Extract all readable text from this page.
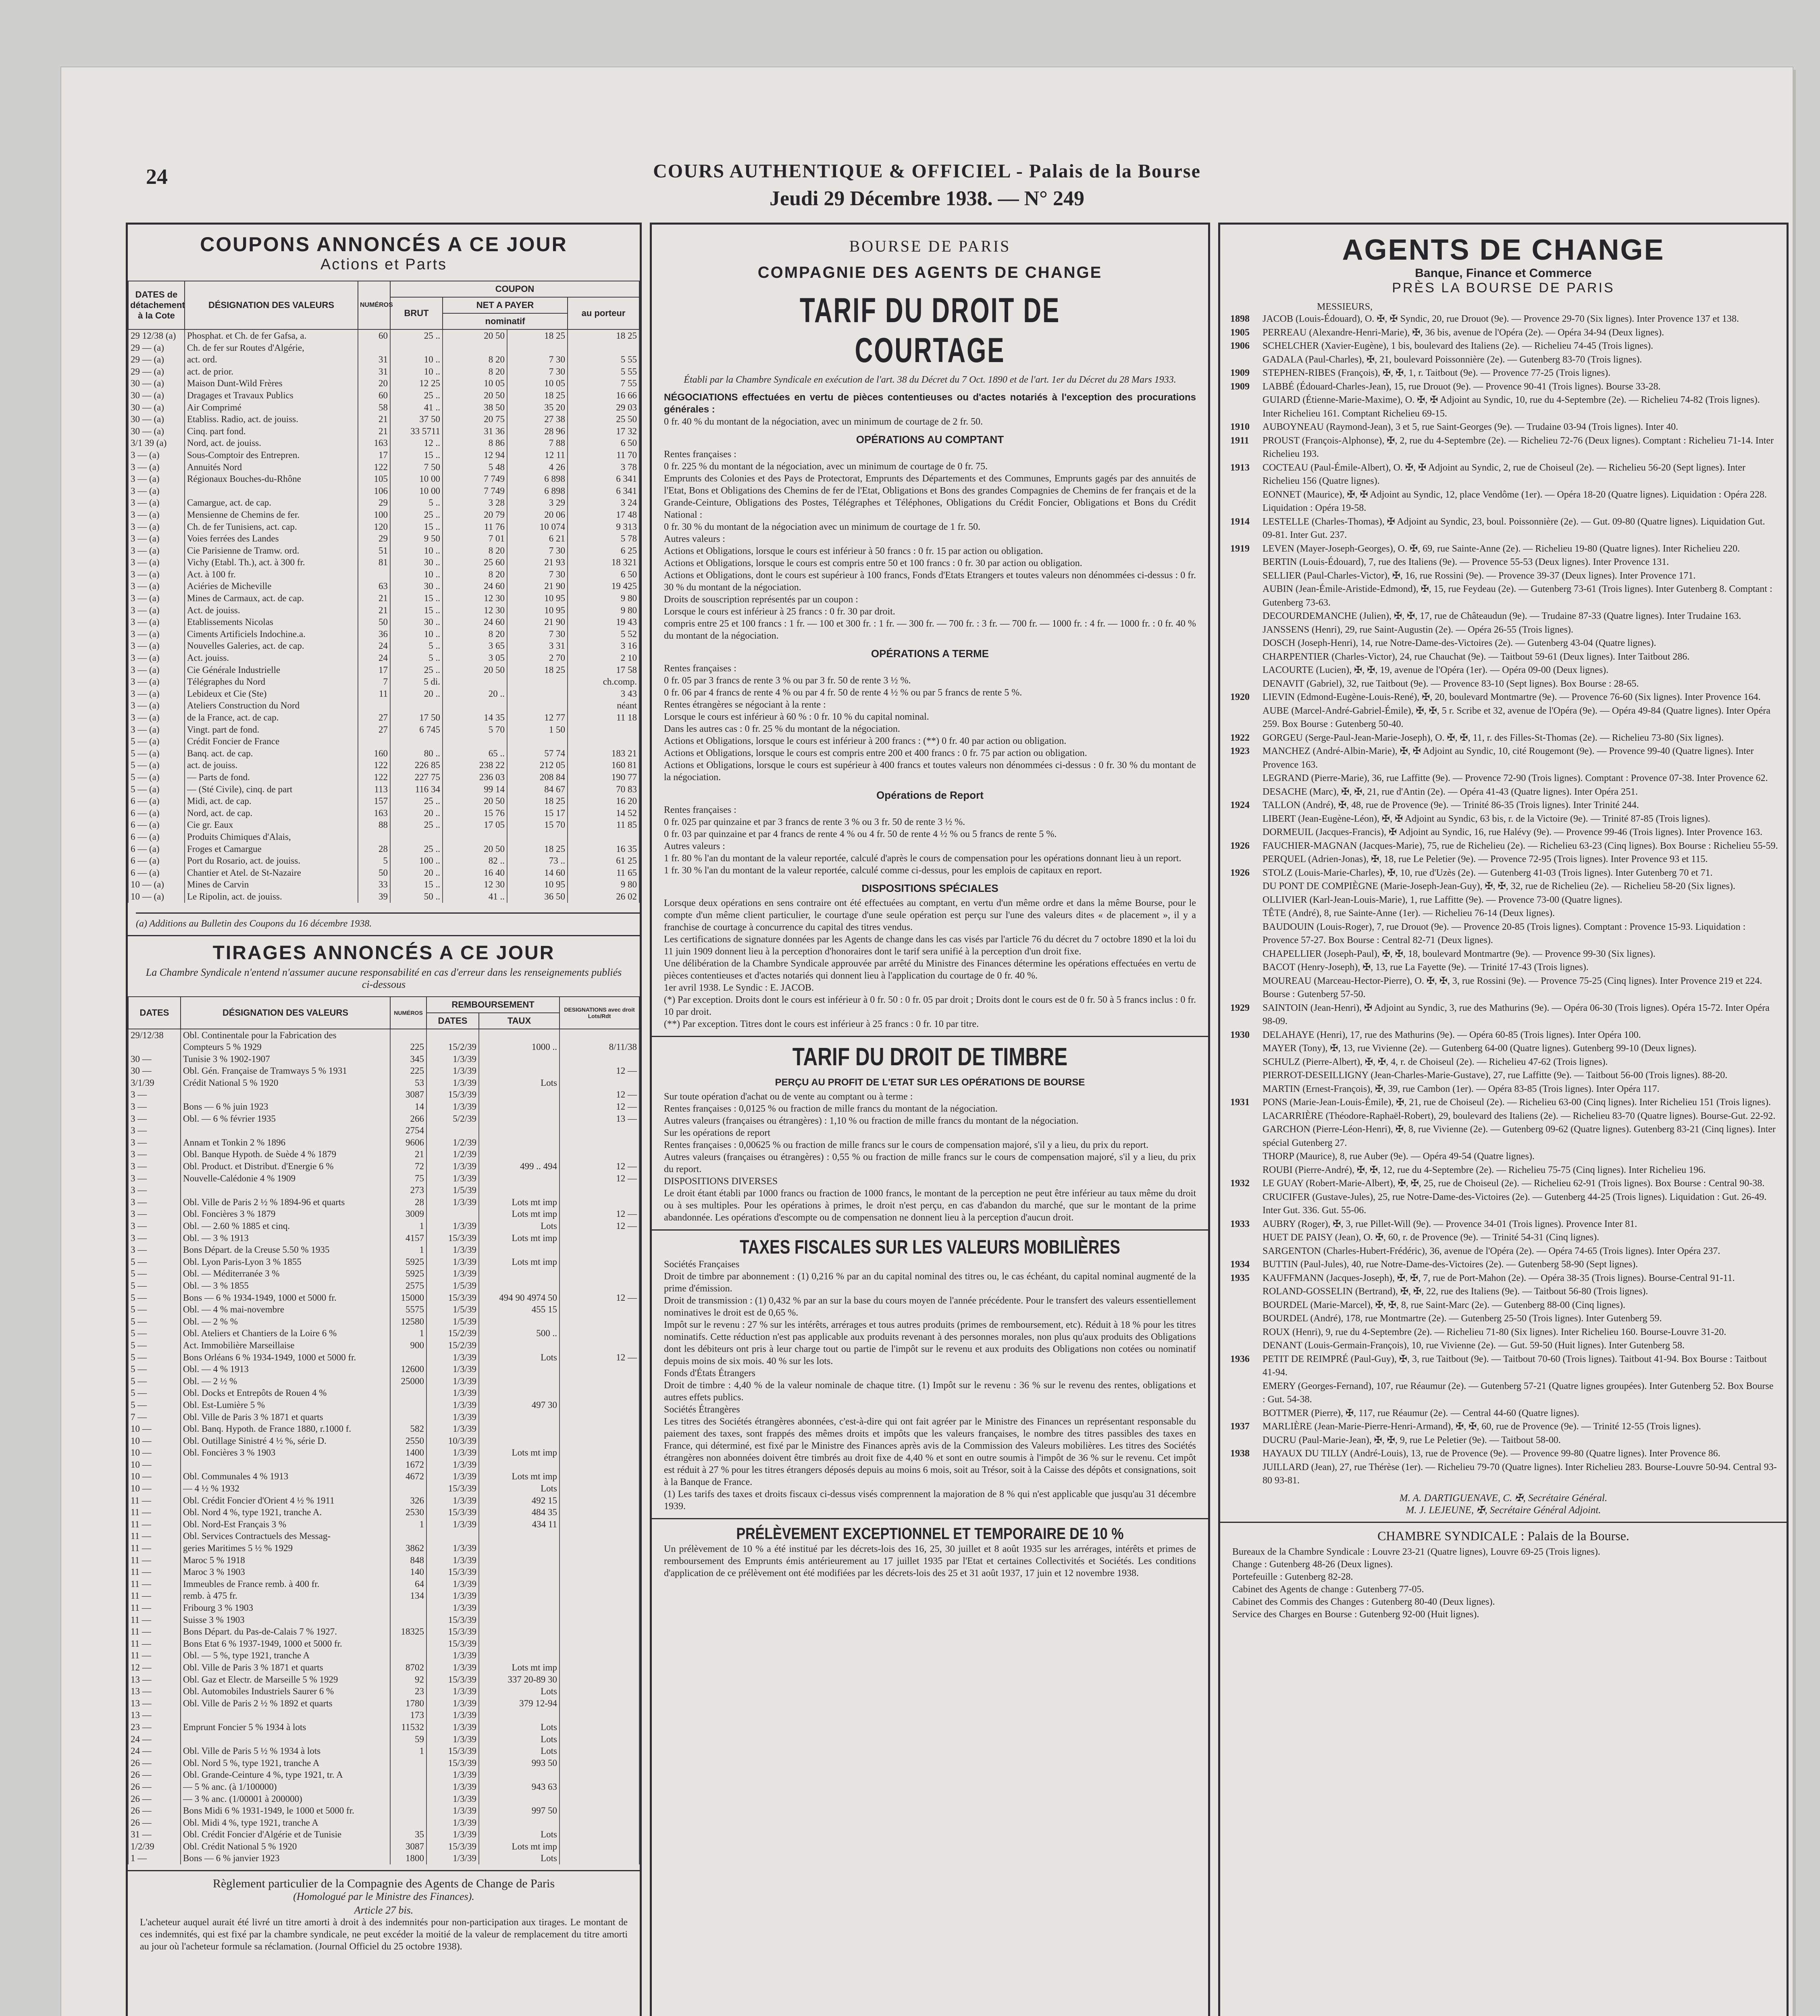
24	COURS AUTHENTIQUE & OFFICIEL - Palais de la Bourse
Jeudi 29 Décembre 1938. — N° 249
COUPONS ANNONCÉS A CE JOUR
Actions et Parts
DATES de détachement à la Cote	DÉSIGNATION DES VALEURS	NUMÉROS	COUPON			
			BRUT	NET A PAYER		au porteur
				nominatif		
29 12/38 (a)	Phosphat. et Ch. de fer Gafsa, a.	60	25 ..	20 50	18 25	18 25
29 — (a)	Ch. de fer sur Routes d'Algérie,					
29 — (a)	act. ord.	31	10 ..	8 20	7 30	5 55
29 — (a)	act. de prior.	31	10 ..	8 20	7 30	5 55
30 — (a)	Maison Dunt-Wild Frères	20	12 25	10 05	10 05	7 55
30 — (a)	Dragages et Travaux Publics	60	25 ..	20 50	18 25	16 66
30 — (a)	Air Comprimé	58	41 ..	38 50	35 20	29 03
30 — (a)	Etabliss. Radio, act. de jouiss.	21	37 50	20 75	27 38	25 50
30 — (a)	Cinq. part fond.	21	33 5711	31 36	28 96	17 32
3/1 39 (a)	Nord, act. de jouiss.	163	12 ..	8 86	7 88	6 50
3 — (a)	Sous-Comptoir des Entrepren.	17	15 ..	12 94	12 11	11 70
3 — (a)	Annuités Nord	122	7 50	5 48	4 26	3 78
3 — (a)	Régionaux Bouches-du-Rhône	105	10 00	7 749	6 898	6 341
3 — (a)		106	10 00	7 749	6 898	6 341
3 — (a)	Camargue, act. de cap.	29	5 ..	3 28	3 29	3 24
3 — (a)	Mensienne de Chemins de fer.	100	25 ..	20 79	20 06	17 48
3 — (a)	Ch. de fer Tunisiens, act. cap.	120	15 ..	11 76	10 074	9 313
3 — (a)	Voies ferrées des Landes	29	9 50	7 01	6 21	5 78
3 — (a)	Cie Parisienne de Tramw. ord.	51	10 ..	8 20	7 30	6 25
3 — (a)	Vichy (Etabl. Th.), act. à 300 fr.	81	30 ..	25 60	21 93	18 321
3 — (a)	Act. à 100 fr.		10 ..	8 20	7 30	6 50
3 — (a)	Aciéries de Micheville	63	30 ..	24 60	21 90	19 425
3 — (a)	Mines de Carmaux, act. de cap.	21	15 ..	12 30	10 95	9 80
3 — (a)	Act. de jouiss.	21	15 ..	12 30	10 95	9 80
3 — (a)	Etablissements Nicolas	50	30 ..	24 60	21 90	19 43
3 — (a)	Ciments Artificiels Indochine.a.	36	10 ..	8 20	7 30	5 52
3 — (a)	Nouvelles Galeries, act. de cap.	24	5 ..	3 65	3 31	3 16
3 — (a)	Act. jouiss.	24	5 ..	3 05	2 70	2 10
3 — (a)	Cie Générale Industrielle	17	25 ..	20 50	18 25	17 58
3 — (a)	Télégraphes du Nord	7	5 di.			ch.comp.
3 — (a)	Lebideux et Cie (Ste)	11	20 ..	20 ..		3 43
3 — (a)	Ateliers Construction du Nord					néant
3 — (a)	de la France, act. de cap.	27	17 50	14 35	12 77	11 18
3 — (a)	Vingt. part de fond.	27	6 745	5 70	1 50	
5 — (a)	Crédit Foncier de France					
5 — (a)	Banq. act. de cap.	160	80 ..	65 ..	57 74	183 21
5 — (a)	act. de jouiss.	122	226 85	238 22	212 05	160 81
5 — (a)	— Parts de fond.	122	227 75	236 03	208 84	190 77
5 — (a)	— (Sté Civile), cinq. de part	113	116 34	99 14	84 67	70 83
6 — (a)	Midi, act. de cap.	157	25 ..	20 50	18 25	16 20
6 — (a)	Nord, act. de cap.	163	20 ..	15 76	15 17	14 52
6 — (a)	Cie gr. Eaux	88	25 ..	17 05	15 70	11 85
6 — (a)	Produits Chimiques d'Alais,					
6 — (a)	Froges et Camargue	28	25 ..	20 50	18 25	16 35
6 — (a)	Port du Rosario, act. de jouiss.	5	100 ..	82 ..	73 ..	61 25
6 — (a)	Chantier et Atel. de St-Nazaire	50	20 ..	16 40	14 60	11 65
10 — (a)	Mines de Carvin	33	15 ..	12 30	10 95	9 80
10 — (a)	Le Ripolin, act. de jouiss.	39	50 ..	41 ..	36 50	26 02
(a) Additions au Bulletin des Coupons du 16 décembre 1938.
TIRAGES ANNONCÉS A CE JOUR
La Chambre Syndicale n'entend n'assumer aucune responsabilité en cas d'erreur dans les renseignements publiés ci-dessous
DATES	DÉSIGNATION DES VALEURS	NUMÉROS	REMBOURSEMENT		DESIGNATIONS avec droit Lots/Rdt
			DATES	TAUX	
29/12/38	Obl. Continentale pour la Fabrication des				
	Compteurs 5 % 1929	225	15/2/39	1000 ..	8/11/38
30 —	Tunisie 3 % 1902-1907	345	1/3/39		
30 —	Obl. Gén. Française de Tramways 5 % 1931	225	1/3/39		12 —
3/1/39	Crédit National 5 % 1920	53	1/3/39	Lots	
3 —		3087	15/3/39		12 —
3 —	Bons — 6 % juin 1923	14	1/3/39		12 —
3 —	Obl. — 6 % février 1935	266	5/2/39		13 —
3 —		2754			
3 —	Annam et Tonkin 2 % 1896	9606	1/2/39		
3 —	Obl. Banque Hypoth. de Suède 4 % 1879	21	1/2/39		
3 —	Obl. Product. et Distribut. d'Energie 6 %	72	1/3/39	499 .. 494	12 —
3 —	Nouvelle-Calédonie 4 % 1909	75	1/3/39		12 —
3 —		273	1/5/39		
3 —	Obl. Ville de Paris 2 ½ % 1894-96 et quarts	28	1/3/39	Lots mt imp	
3 —	Obl. Foncières 3 % 1879	3009		Lots mt imp	12 —
3 —	Obl. — 2.60 % 1885 et cinq.	1	1/3/39	Lots	12 —
3 —	Obl. — 3 % 1913	4157	15/3/39	Lots mt imp	
3 —	Bons Départ. de la Creuse 5.50 % 1935	1	1/3/39		
5 —	Obl. Lyon Paris-Lyon 3 % 1855	5925	1/3/39	Lots mt imp	
5 —	Obl. — Méditerranée 3 %	5925	1/3/39		
5 —	Obl. — 3 % 1855	2575	1/5/39		
5 —	Bons — 6 % 1934-1949, 1000 et 5000 fr.	15000	15/3/39	494 90 4974 50	12 —
5 —	Obl. — 4 % mai-novembre	5575	1/5/39	455 15	
5 —	Obl. — 2 % %	12580	1/5/39		
5 —	Obl. Ateliers et Chantiers de la Loire 6 %	1	15/2/39	500 ..	
5 —	Act. Immobilière Marseillaise	900	15/2/39		
5 —	Bons Orléans 6 % 1934-1949, 1000 et 5000 fr.		1/3/39	Lots	12 —
5 —	Obl. — 4 % 1913	12600	1/3/39		
5 —	Obl. — 2 ½ %	25000	1/3/39		
5 —	Obl. Docks et Entrepôts de Rouen 4 %		1/3/39		
5 —	Obl. Est-Lumière 5 %		1/3/39	497 30	
7 —	Obl. Ville de Paris 3 % 1871 et quarts		1/3/39		
10 —	Obl. Banq. Hypoth. de France 1880, r.1000 f.	582	1/3/39		
10 —	Obl. Outillage Sinistré 4 ½ %, série D.	2550	10/3/39		
10 —	Obl. Foncières 3 % 1903	1400	1/3/39	Lots mt imp	
10 —		1672	1/3/39		
10 —	Obl. Communales 4 % 1913	4672	1/3/39	Lots mt imp	
10 —	— 4 ½ % 1932		15/3/39	Lots	
11 —	Obl. Crédit Foncier d'Orient 4 ½ % 1911	326	1/3/39	492 15	
11 —	Obl. Nord 4 %, type 1921, tranche A.	2530	15/3/39	484 35	
11 —	Obl. Nord-Est Français 3 %	1	1/3/39	434 11	
11 —	Obl. Services Contractuels des Messag-				
11 —	geries Maritimes 5 ½ % 1929	3862	1/3/39		
11 —	Maroc 5 % 1918	848	1/3/39		
11 —	Maroc 3 % 1903	140	15/3/39		
11 —	Immeubles de France remb. à 400 fr.	64	1/3/39		
11 —	remb. à 475 fr.	134	1/3/39		
11 —	Fribourg 3 % 1903		1/3/39		
11 —	Suisse 3 % 1903		15/3/39		
11 —	Bons Départ. du Pas-de-Calais 7 % 1927.	18325	15/3/39		
11 —	Bons Etat 6 % 1937-1949, 1000 et 5000 fr.		15/3/39		
11 —	Obl. — 5 %, type 1921, tranche A		1/3/39		
12 —	Obl. Ville de Paris 3 % 1871 et quarts	8702	1/3/39	Lots mt imp	
13 —	Obl. Gaz et Electr. de Marseille 5 % 1929	92	15/3/39	337 20-89 30	
13 —	Obl. Automobiles Industriels Saurer 6 %	23	1/3/39	Lots	
13 —	Obl. Ville de Paris 2 ½ % 1892 et quarts	1780	1/3/39	379 12-94	
13 —		173	1/3/39		
23 —	Emprunt Foncier 5 % 1934 à lots	11532	1/3/39	Lots	
24 —		59	1/3/39	Lots	
24 —	Obl. Ville de Paris 5 ½ % 1934 à lots	1	15/3/39	Lots	
26 —	Obl. Nord 5 %, type 1921, tranche A		15/3/39	993 50	
26 —	Obl. Grande-Ceinture 4 %, type 1921, tr. A		1/3/39		
26 —	— 5 % anc. (à 1/100000)		1/3/39	943 63	
26 —	— 3 % anc. (1/00001 à 200000)		1/3/39		
26 —	Bons Midi 6 % 1931-1949, le 1000 et 5000 fr.		1/3/39	997 50	
26 —	Obl. Midi 4 %, type 1921, tranche A		1/3/39		
31 —	Obl. Crédit Foncier d'Algérie et de Tunisie	35	1/3/39	Lots	
1/2/39	Obl. Crédit National 5 % 1920	3087	15/3/39	Lots mt imp	
1 —	Bons — 6 % janvier 1923	1800	1/3/39	Lots	
Règlement particulier de la Compagnie des Agents de Change de Paris
(Homologué par le Ministre des Finances).
Article 27 bis.
L'acheteur auquel aurait été livré un titre amorti à droit à des indemnités pour non-participation aux tirages. Le montant de ces indemnités, qui est fixé par la chambre syndicale, ne peut excéder la moitié de la valeur de remplacement du titre amorti au jour où l'acheteur formule sa réclamation. (Journal Officiel du 25 octobre 1938).
BOURSE DE PARIS
COMPAGNIE DES AGENTS DE CHANGE
TARIF DU DROIT DE COURTAGE
Établi par la Chambre Syndicale en exécution de l'art. 38 du Décret du 7 Oct. 1890 et de l'art. 1er du Décret du 28 Mars 1933.
NÉGOCIATIONS effectuées en vertu de pièces contentieuses ou d'actes notariés à l'exception des procurations générales :
0 fr. 40 % du montant de la négociation, avec un minimum de courtage de 2 fr. 50.
OPÉRATIONS AU COMPTANT
Rentes françaises :
0 fr. 225 % du montant de la négociation, avec un minimum de courtage de 0 fr. 75.
Emprunts des Colonies et des Pays de Protectorat, Emprunts des Départements et des Communes, Emprunts gagés par des annuités de l'Etat, Bons et Obligations des Chemins de fer de l'Etat, Obligations et Bons des grandes Compagnies de Chemins de fer français et de la Grande-Ceinture, Obligations des Postes, Télégraphes et Téléphones, Obligations du Crédit Foncier, Obligations et Bons du Crédit National :
0 fr. 30 % du montant de la négociation avec un minimum de courtage de 1 fr. 50.
Autres valeurs :
Actions et Obligations, lorsque le cours est inférieur à 50 francs : 0 fr. 15 par action ou obligation.
Actions et Obligations, lorsque le cours est compris entre 50 et 100 francs : 0 fr. 30 par action ou obligation.
Actions et Obligations, dont le cours est supérieur à 100 francs, Fonds d'Etats Etrangers et toutes valeurs non dénommées ci-dessus : 0 fr. 30 % du montant de la négociation.
Droits de souscription représentés par un coupon :
Lorsque le cours est inférieur à 25 francs : 0 fr. 30 par droit.
compris entre 25 et 100 francs : 1 fr. — 100 et 300 fr. : 1 fr. — 300 fr. — 700 fr. : 3 fr. — 700 fr. — 1000 fr. : 4 fr. — 1000 fr. : 0 fr. 40 % du montant de la négociation.
OPÉRATIONS A TERME
Rentes françaises :
0 fr. 05 par 3 francs de rente 3 % ou par 3 fr. 50 de rente 3 ½ %.
0 fr. 06 par 4 francs de rente 4 % ou par 4 fr. 50 de rente 4 ½ % ou par 5 francs de rente 5 %.
Rentes étrangères se négociant à la rente :
Lorsque le cours est inférieur à 60 % : 0 fr. 10 % du capital nominal.
Dans les autres cas : 0 fr. 25 % du montant de la négociation.
Actions et Obligations, lorsque le cours est inférieur à 200 francs : (**) 0 fr. 40 par action ou obligation.
Actions et Obligations, lorsque le cours est compris entre 200 et 400 francs : 0 fr. 75 par action ou obligation.
Actions et Obligations, lorsque le cours est supérieur à 400 francs et toutes valeurs non dénommées ci-dessus : 0 fr. 30 % du montant de la négociation.
Opérations de Report
Rentes françaises :
0 fr. 025 par quinzaine et par 3 francs de rente 3 % ou 3 fr. 50 de rente 3 ½ %.
0 fr. 03 par quinzaine et par 4 francs de rente 4 % ou 4 fr. 50 de rente 4 ½ % ou 5 francs de rente 5 %.
Autres valeurs :
1 fr. 80 % l'an du montant de la valeur reportée, calculé d'après le cours de compensation pour les opérations donnant lieu à un report.
1 fr. 30 % l'an du montant de la valeur reportée, calculé comme ci-dessus, pour les emplois de capitaux en report.
DISPOSITIONS SPÉCIALES
Lorsque deux opérations en sens contraire ont été effectuées au comptant, en vertu d'un même ordre et dans la même Bourse, pour le compte d'un même client particulier, le courtage d'une seule opération est perçu sur l'une des valeurs dites « de placement », il y a franchise de courtage à concurrence du capital des titres vendus.
Les certifications de signature données par les Agents de change dans les cas visés par l'article 76 du décret du 7 octobre 1890 et la loi du 11 juin 1909 donnent lieu à la perception d'honoraires dont le tarif sera unifié à la perception d'un droit fixe.
Une délibération de la Chambre Syndicale approuvée par arrêté du Ministre des Finances détermine les opérations effectuées en vertu de pièces contentieuses et d'actes notariés qui donnent lieu à l'application du courtage de 0 fr. 40 %.
1er avril 1938. Le Syndic : E. JACOB.
(*) Par exception. Droits dont le cours est inférieur à 0 fr. 50 : 0 fr. 05 par droit ; Droits dont le cours est de 0 fr. 50 à 5 francs inclus : 0 fr. 10 par droit.
(**) Par exception. Titres dont le cours est inférieur à 25 francs : 0 fr. 10 par titre.
TARIF DU DROIT DE TIMBRE
PERÇU AU PROFIT DE L'ETAT SUR LES OPÉRATIONS DE BOURSE
Sur toute opération d'achat ou de vente au comptant ou à terme :
Rentes françaises : 0,0125 % ou fraction de mille francs du montant de la négociation.
Autres valeurs (françaises ou étrangères) : 1,10 % ou fraction de mille francs du montant de la négociation.
Sur les opérations de report
Rentes françaises : 0,00625 % ou fraction de mille francs sur le cours de compensation majoré, s'il y a lieu, du prix du report.
Autres valeurs (françaises ou étrangères) : 0,55 % ou fraction de mille francs sur le cours de compensation majoré, s'il y a lieu, du prix du report.
DISPOSITIONS DIVERSES
Le droit étant établi par 1000 francs ou fraction de 1000 francs, le montant de la perception ne peut être inférieur au taux même du droit ou à ses multiples. Pour les opérations à primes, le droit n'est perçu, en cas d'abandon du marché, que sur le montant de la prime abandonnée. Les opérations d'escompte ou de compensation ne donnent lieu à la perception d'aucun droit.
TAXES FISCALES SUR LES VALEURS MOBILIÈRES
Sociétés Françaises
Droit de timbre par abonnement : (1) 0,216 % par an du capital nominal des titres ou, le cas échéant, du capital nominal augmenté de la prime d'émission.
Droit de transmission : (1) 0,432 % par an sur la base du cours moyen de l'année précédente. Pour le transfert des valeurs essentiellement nominatives le droit est de 0,65 %.
Impôt sur le revenu : 27 % sur les intérêts, arrérages et tous autres produits (primes de remboursement, etc). Réduit à 18 % pour les titres nominatifs. Cette réduction n'est pas applicable aux produits revenant à des personnes morales, non plus qu'aux produits des Obligations dont les débiteurs ont pris à leur charge tout ou partie de l'impôt sur le revenu et aux produits des Obligations non cotées ou nominatif depuis moins de six mois. 40 % sur les lots.
Fonds d'États Étrangers
Droit de timbre : 4,40 % de la valeur nominale de chaque titre. (1) Impôt sur le revenu : 36 % sur le revenu des rentes, obligations et autres effets publics.
Sociétés Étrangères
Les titres des Sociétés étrangères abonnées, c'est-à-dire qui ont fait agréer par le Ministre des Finances un représentant responsable du paiement des taxes, sont frappés des mêmes droits et impôts que les valeurs françaises, le nombre des titres passibles des taxes en France, qui déterminé, est fixé par le Ministre des Finances après avis de la Commission des Valeurs mobilières. Les titres des Sociétés étrangères non abonnées doivent être timbrés au droit fixe de 4,40 % et sont en outre soumis à l'impôt de 36 % sur le revenu. Cet impôt est réduit à 27 % pour les titres étrangers déposés depuis au moins 6 mois, soit au Trésor, soit à la Caisse des dépôts et consignations, soit à la Banque de France.
(1) Les tarifs des taxes et droits fiscaux ci-dessus visés comprennent la majoration de 8 % qui n'est applicable que jusqu'au 31 décembre 1939.
PRÉLÈVEMENT EXCEPTIONNEL ET TEMPORAIRE DE 10 %
Un prélèvement de 10 % a été institué par les décrets-lois des 16, 25, 30 juillet et 8 août 1935 sur les arrérages, intérêts et primes de remboursement des Emprunts émis antérieurement au 17 juillet 1935 par l'Etat et certaines Collectivités et Sociétés. Les conditions d'application de ce prélèvement ont été modifiées par les décrets-lois des 25 et 31 août 1937, 17 juin et 12 novembre 1938.
AGENTS DE CHANGE
Banque, Finance et Commerce
PRÈS LA BOURSE DE PARIS
MESSIEURS,
1898	JACOB (Louis-Édouard), O. ✠, ✠ Syndic, 20, rue Drouot (9e). — Provence 29-70 (Six lignes). Inter Provence 137 et 138.
1905	PERREAU (Alexandre-Henri-Marie), ✠, 36 bis, avenue de l'Opéra (2e). — Opéra 34-94 (Deux lignes).
1906	SCHELCHER (Xavier-Eugène), 1 bis, boulevard des Italiens (2e). — Richelieu 74-45 (Trois lignes).
GADALA (Paul-Charles), ✠, 21, boulevard Poissonnière (2e). — Gutenberg 83-70 (Trois lignes).
1909	STEPHEN-RIBES (François), ✠, ✠, 1, r. Taitbout (9e). — Provence 77-25 (Trois lignes).
1909	LABBÉ (Édouard-Charles-Jean), 15, rue Drouot (9e). — Provence 90-41 (Trois lignes). Bourse 33-28.
GUIARD (Étienne-Marie-Maxime), O. ✠, ✠ Adjoint au Syndic, 10, rue du 4-Septembre (2e). — Richelieu 74-82 (Trois lignes). Inter Richelieu 161. Comptant Richelieu 69-15.
1910	AUBOYNEAU (Raymond-Jean), 3 et 5, rue Saint-Georges (9e). — Trudaine 03-94 (Trois lignes). Inter 40.
1911	PROUST (François-Alphonse), ✠, 2, rue du 4-Septembre (2e). — Richelieu 72-76 (Deux lignes). Comptant : Richelieu 71-14. Inter Richelieu 193.
1913	COCTEAU (Paul-Émile-Albert), O. ✠, ✠ Adjoint au Syndic, 2, rue de Choiseul (2e). — Richelieu 56-20 (Sept lignes). Inter Richelieu 156 (Quatre lignes).
EONNET (Maurice), ✠, ✠ Adjoint au Syndic, 12, place Vendôme (1er). — Opéra 18-20 (Quatre lignes). Liquidation : Opéra 228. Liquidation : Opéra 19-58.
1914	LESTELLE (Charles-Thomas), ✠ Adjoint au Syndic, 23, boul. Poissonnière (2e). — Gut. 09-80 (Quatre lignes). Liquidation Gut. 09-81. Inter Gut. 237.
1919	LEVEN (Mayer-Joseph-Georges), O. ✠, 69, rue Sainte-Anne (2e). — Richelieu 19-80 (Quatre lignes). Inter Richelieu 220.
BERTIN (Louis-Édouard), 7, rue des Italiens (9e). — Provence 55-53 (Deux lignes). Inter Provence 131.
SELLIER (Paul-Charles-Victor), ✠, 16, rue Rossini (9e). — Provence 39-37 (Deux lignes). Inter Provence 171.
AUBIN (Jean-Émile-Aristide-Edmond), ✠, 15, rue Feydeau (2e). — Gutenberg 73-61 (Trois lignes). Inter Gutenberg 8. Comptant : Gutenberg 73-63.
DECOURDEMANCHE (Julien), ✠, ✠, 17, rue de Châteaudun (9e). — Trudaine 87-33 (Quatre lignes). Inter Trudaine 163.
JANSSENS (Henri), 29, rue Saint-Augustin (2e). — Opéra 26-55 (Trois lignes).
DOSCH (Joseph-Henri), 14, rue Notre-Dame-des-Victoires (2e). — Gutenberg 43-04 (Quatre lignes).
CHARPENTIER (Charles-Victor), 24, rue Chauchat (9e). — Taitbout 59-61 (Deux lignes). Inter Taitbout 286.
LACOURTE (Lucien), ✠, ✠, 19, avenue de l'Opéra (1er). — Opéra 09-00 (Deux lignes).
DENAVIT (Gabriel), 32, rue Taitbout (9e). — Provence 83-10 (Sept lignes). Box Bourse : 28-65.
1920	LIEVIN (Edmond-Eugène-Louis-René), ✠, 20, boulevard Montmartre (9e). — Provence 76-60 (Six lignes). Inter Provence 164.
AUBE (Marcel-André-Gabriel-Émile), ✠, ✠, 5 r. Scribe et 32, avenue de l'Opéra (9e). — Opéra 49-84 (Quatre lignes). Inter Opéra 259. Box Bourse : Gutenberg 50-40.
1922	GORGEU (Serge-Paul-Jean-Marie-Joseph), O. ✠, ✠, 11, r. des Filles-St-Thomas (2e). — Richelieu 73-80 (Six lignes).
1923	MANCHEZ (André-Albin-Marie), ✠, ✠ Adjoint au Syndic, 10, cité Rougemont (9e). — Provence 99-40 (Quatre lignes). Inter Provence 163.
LEGRAND (Pierre-Marie), 36, rue Laffitte (9e). — Provence 72-90 (Trois lignes). Comptant : Provence 07-38. Inter Provence 62.
DESACHE (Marc), ✠, ✠, 21, rue d'Antin (2e). — Opéra 41-43 (Quatre lignes). Inter Opéra 251.
1924	TALLON (André), ✠, 48, rue de Provence (9e). — Trinité 86-35 (Trois lignes). Inter Trinité 244.
LIBERT (Jean-Eugène-Léon), ✠, ✠ Adjoint au Syndic, 63 bis, r. de la Victoire (9e). — Trinité 87-85 (Trois lignes).
DORMEUIL (Jacques-Francis), ✠ Adjoint au Syndic, 16, rue Halévy (9e). — Provence 99-46 (Trois lignes). Inter Provence 163.
1926	FAUCHIER-MAGNAN (Jacques-Marie), 75, rue de Richelieu (2e). — Richelieu 63-23 (Cinq lignes). Box Bourse : Richelieu 55-59.
PERQUEL (Adrien-Jonas), ✠, 18, rue Le Peletier (9e). — Provence 72-95 (Trois lignes). Inter Provence 93 et 115.
1926	STOLZ (Louis-Marie-Charles), ✠, 10, rue d'Uzès (2e). — Gutenberg 41-03 (Trois lignes). Inter Gutenberg 70 et 71.
DU PONT DE COMPIÈGNE (Marie-Joseph-Jean-Guy), ✠, ✠, 32, rue de Richelieu (2e). — Richelieu 58-20 (Six lignes).
OLLIVIER (Karl-Jean-Louis-Marie), 1, rue Laffitte (9e). — Provence 73-00 (Quatre lignes).
TÊTE (André), 8, rue Sainte-Anne (1er). — Richelieu 76-14 (Deux lignes).
BAUDOUIN (Louis-Roger), 7, rue Drouot (9e). — Provence 20-85 (Trois lignes). Comptant : Provence 15-93. Liquidation : Provence 57-27. Box Bourse : Central 82-71 (Deux lignes).
CHAPELLIER (Joseph-Paul), ✠, ✠, 18, boulevard Montmartre (9e). — Provence 99-30 (Six lignes).
BACOT (Henry-Joseph), ✠, 13, rue La Fayette (9e). — Trinité 17-43 (Trois lignes).
MOUREAU (Marceau-Hector-Pierre), O. ✠, ✠, 3, rue Rossini (9e). — Provence 75-25 (Cinq lignes). Inter Provence 219 et 224. Bourse : Gutenberg 57-50.
1929	SAINTOIN (Jean-Henri), ✠ Adjoint au Syndic, 3, rue des Mathurins (9e). — Opéra 06-30 (Trois lignes). Opéra 15-72. Inter Opéra 98-09.
1930	DELAHAYE (Henri), 17, rue des Mathurins (9e). — Opéra 60-85 (Trois lignes). Inter Opéra 100.
MAYER (Tony), ✠, 13, rue Vivienne (2e). — Gutenberg 64-00 (Quatre lignes). Gutenberg 99-10 (Deux lignes).
SCHULZ (Pierre-Albert), ✠, ✠, 4, r. de Choiseul (2e). — Richelieu 47-62 (Trois lignes).
PIERROT-DESEILLIGNY (Jean-Charles-Marie-Gustave), 27, rue Laffitte (9e). — Taitbout 56-00 (Trois lignes). 88-20.
MARTIN (Ernest-François), ✠, 39, rue Cambon (1er). — Opéra 83-85 (Trois lignes). Inter Opéra 117.
1931	PONS (Marie-Jean-Louis-Émile), ✠, 21, rue de Choiseul (2e). — Richelieu 63-00 (Cinq lignes). Inter Richelieu 151 (Trois lignes).
LACARRIÈRE (Théodore-Raphaël-Robert), 29, boulevard des Italiens (2e). — Richelieu 83-70 (Quatre lignes). Bourse-Gut. 22-92.
GARCHON (Pierre-Léon-Henri), ✠, 8, rue Vivienne (2e). — Gutenberg 09-62 (Quatre lignes). Gutenberg 83-21 (Cinq lignes). Inter spécial Gutenberg 27.
THORP (Maurice), 8, rue Auber (9e). — Opéra 49-54 (Quatre lignes).
ROUBI (Pierre-André), ✠, ✠, 12, rue du 4-Septembre (2e). — Richelieu 75-75 (Cinq lignes). Inter Richelieu 196.
1932	LE GUAY (Robert-Marie-Albert), ✠, ✠, 25, rue de Choiseul (2e). — Richelieu 62-91 (Trois lignes). Box Bourse : Central 90-38.
CRUCIFER (Gustave-Jules), 25, rue Notre-Dame-des-Victoires (2e). — Gutenberg 44-25 (Trois lignes). Liquidation : Gut. 26-49. Inter Gut. 336. Gut. 55-06.
1933	AUBRY (Roger), ✠, 3, rue Pillet-Will (9e). — Provence 34-01 (Trois lignes). Provence Inter 81.
HUET DE PAISY (Jean), O. ✠, 60, r. de Provence (9e). — Trinité 54-31 (Cinq lignes).
SARGENTON (Charles-Hubert-Frédéric), 36, avenue de l'Opéra (2e). — Opéra 74-65 (Trois lignes). Inter Opéra 237.
1934	BUTTIN (Paul-Jules), 40, rue Notre-Dame-des-Victoires (2e). — Gutenberg 58-90 (Sept lignes).
1935	KAUFFMANN (Jacques-Joseph), ✠, ✠, 7, rue de Port-Mahon (2e). — Opéra 38-35 (Trois lignes). Bourse-Central 91-11.
ROLAND-GOSSELIN (Bertrand), ✠, ✠, 22, rue des Italiens (9e). — Taitbout 56-80 (Trois lignes).
BOURDEL (Marie-Marcel), ✠, ✠, 8, rue Saint-Marc (2e). — Gutenberg 88-00 (Cinq lignes).
BOURDEL (André), 178, rue Montmartre (2e). — Gutenberg 25-50 (Trois lignes). Inter Gutenberg 59.
ROUX (Henri), 9, rue du 4-Septembre (2e). — Richelieu 71-80 (Six lignes). Inter Richelieu 160. Bourse-Louvre 31-20.
DENANT (Louis-Germain-François), 10, rue Vivienne (2e). — Gut. 59-50 (Huit lignes). Inter Gutenberg 58.
1936	PETIT DE REIMPRÉ (Paul-Guy), ✠, 3, rue Taitbout (9e). — Taitbout 70-60 (Trois lignes). Taitbout 41-94. Box Bourse : Taitbout 41-94.
EMERY (Georges-Fernand), 107, rue Réaumur (2e). — Gutenberg 57-21 (Quatre lignes groupées). Inter Gutenberg 52. Box Bourse : Gut. 54-38.
BOTTMER (Pierre), ✠, 117, rue Réaumur (2e). — Central 44-60 (Quatre lignes).
1937	MARLIÈRE (Jean-Marie-Pierre-Henri-Armand), ✠, ✠, 60, rue de Provence (9e). — Trinité 12-55 (Trois lignes).
DUCRU (Paul-Marie-Jean), ✠, ✠, 9, rue Le Peletier (9e). — Taitbout 58-00.
1938	HAYAUX DU TILLY (André-Louis), 13, rue de Provence (9e). — Provence 99-80 (Quatre lignes). Inter Provence 86.
JUILLARD (Jean), 27, rue Thérèse (1er). — Richelieu 79-70 (Quatre lignes). Inter Richelieu 283. Bourse-Louvre 50-94. Central 93-80 93-81.
M. A. DARTIGUENAVE, C. ✠, Secrétaire Général.
M. J. LEJEUNE, ✠, Secrétaire Général Adjoint.
CHAMBRE SYNDICALE : Palais de la Bourse.
Bureaux de la Chambre Syndicale : Louvre 23-21 (Quatre lignes), Louvre 69-25 (Trois lignes).
Change : Gutenberg 48-26 (Deux lignes).
Portefeuille : Gutenberg 82-28.
Cabinet des Agents de change : Gutenberg 77-05.
Cabinet des Commis des Changes : Gutenberg 80-40 (Deux lignes).
Service des Charges en Bourse : Gutenberg 92-00 (Huit lignes).
